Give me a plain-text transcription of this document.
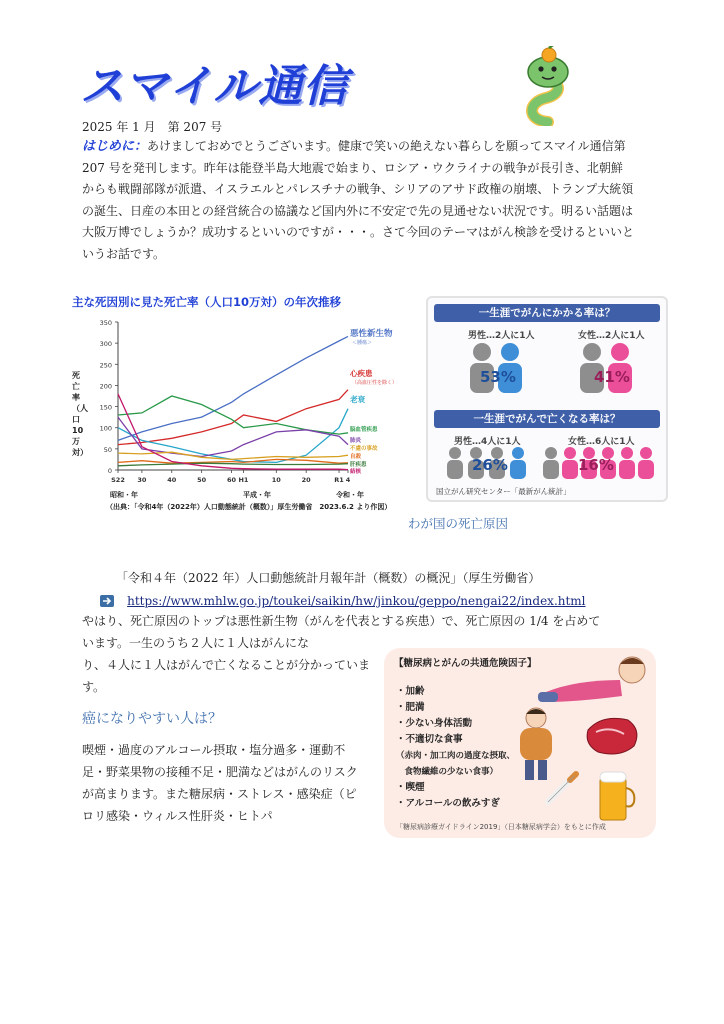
スマイル通信
2025 年 1 月　第 207 号
はじめに：あけましておめでとうございます。健康で笑いの絶えない暮らしを願ってスマイル通信第 207 号を発刊します。昨年は能登半島大地震で始まり、ロシア・ウクライナの戦争が長引き、北朝鮮からも戦闘部隊が派遣、イスラエルとパレスチナの戦争、シリアのアサド政権の崩壊、トランプ大統領の誕生、日産の本田との経営統合の協議など国内外に不安定で先の見通せない状況です。明るい話題は大阪万博でしょうか？成功するといいのですが・・・。さて今回のテーマはがん検診を受けるといいというお話です。
主な死因別に見た死亡率（人口10万対）の年次推移
0
50
100
150
200
250
300
350
S22 30	40	50	60 H1	10	20	R1 4
悪性新生物
＜腫瘍＞
心疾患
（高血圧性を除く）
老衰
脳血管疾患
肺炎
不慮の事故
自殺
肝疾患
結核
死亡率（人口10万対）
昭和・年	平成・年	令和・年
（出典：「令和4年（2022年）人口動態統計（概数）」厚生労働省　2023.6.2 より作図）
一生涯でがんにかかる率は？
男性…2人に1人	女性…2人に1人
53%	41%
一生涯でがんで亡くなる率は？
男性…4人に1人	女性…6人に1人
26%	16%
国立がん研究センター「最新がん統計」
わが国の死亡原因
「令和４年（2022 年）人口動態統計月報年計（概数）の概況」（厚生労働省）
https://www.mhlw.go.jp/toukei/saikin/hw/jinkou/geppo/nengai22/index.html
やはり、死亡原因のトップは悪性新生物（がんを代表とする疾患）で、死亡原因の 1/4 を占めて
います。一生のうち２人に１人はがんにな
り、４人に１人はがんで亡くなることが分かっていま
す。
癌になりやすい人は？
喫煙・過度のアルコール摂取・塩分過多・運動不
足・野菜果物の接種不足・肥満などはがんのリスク
が高まります。また糖尿病・ストレス・感染症（ピ
ロリ感染・ウィルス性肝炎・ヒトパ
【糖尿病とがんの共通危険因子】
・加齢
・肥満
・少ない身体活動
・不適切な食事
（赤肉・加工肉の過度な摂取、
　食物繊維の少ない食事）
・喫煙
・アルコールの飲みすぎ
「糖尿病診療ガイドライン2019」（日本糖尿病学会）をもとに作成
